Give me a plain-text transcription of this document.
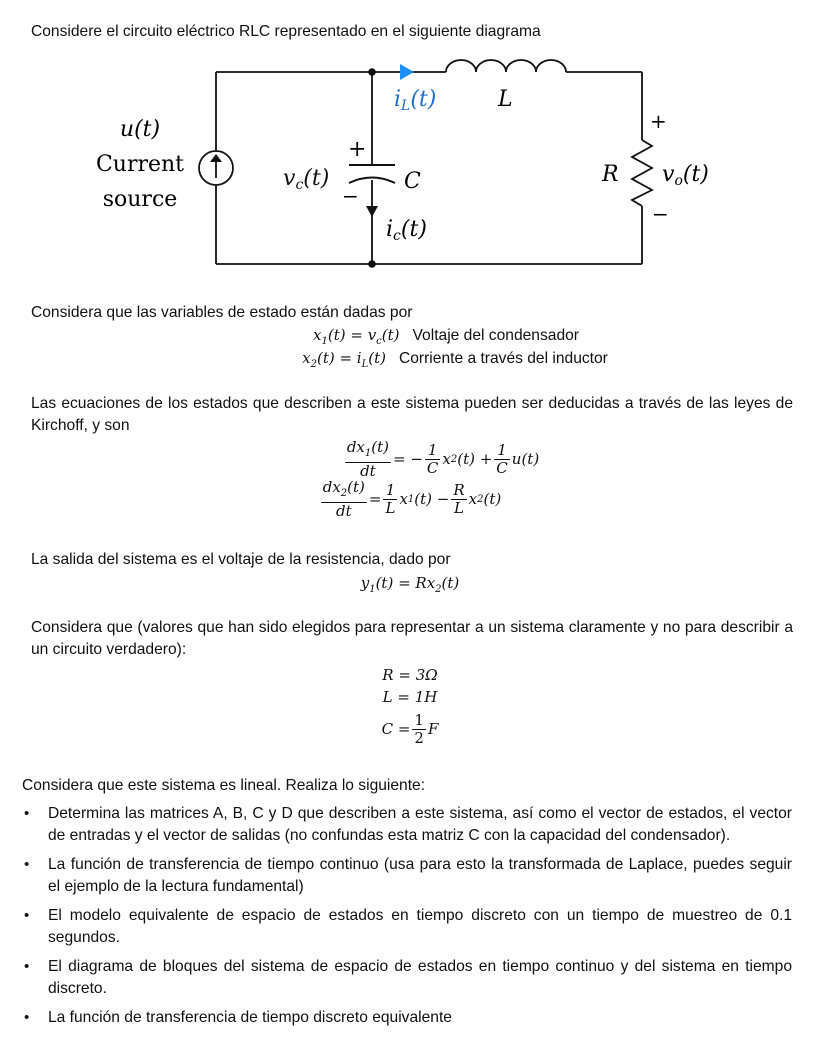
Considere el circuito eléctrico RLC representado en el siguiente diagrama
u(t)
Current
source
vc(t)
+
−
C
ic(t)
iL(t)	L
R
+
vo(t)
−
Considera que las variables de estado están dadas por
$x_1(t) = v_c(t)$ Voltaje del condensador
$x_2(t) = i_L(t)$ Corriente a través del inductor
Las ecuaciones de los estados que describen a este sistema pueden ser deducidas a través de las leyes de Kirchoff, y son
$\frac{dx_1(t)}{dt}$ = − $\frac{1}{C}$ x 2 $(t) + \frac{1}{C} u(t)$
$\frac{dx_2(t)}{dt} = \frac{1}{L}$ x 1 $(t) - \frac{R}{L}$ x 2 (t)
La salida del sistema es el voltaje de la resistencia, dado por
$y_1(t) = Rx_2(t)$
Considera que (valores que han sido elegidos para representar a un sistema claramente y no para describir a un circuito verdadero):
R = 3Ω
L = 1H
$C = \frac{1}{2}$ F
Considera que este sistema es lineal. Realiza lo siguiente:
• Determina las matrices A, B, C y D que describen a este sistema, así como el vector de estados, el vector de entradas y el vector de salidas (no confundas esta matriz C con la capacidad del condensador).
• La función de transferencia de tiempo continuo (usa para esto la transformada de Laplace, puedes seguir el ejemplo de la lectura fundamental)
• El modelo equivalente de espacio de estados en tiempo discreto con un tiempo de muestreo de 0.1 segundos.
• El diagrama de bloques del sistema de espacio de estados en tiempo continuo y del sistema en tiempo discreto.
• La función de transferencia de tiempo discreto equivalente
